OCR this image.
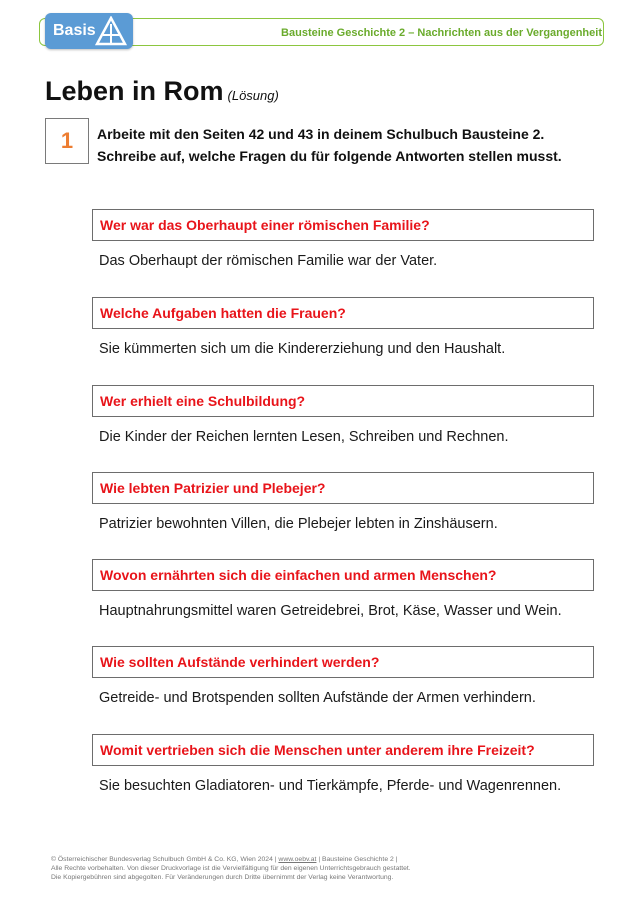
Basis	Bausteine Geschichte 2 – Nachrichten aus der Vergangenheit
Leben in Rom (Lösung)
1	Arbeite mit den Seiten 42 und 43 in deinem Schulbuch Bausteine 2.
Schreibe auf, welche Fragen du für folgende Antworten stellen musst.
Wer war das Oberhaupt einer römischen Familie?
Das Oberhaupt der römischen Familie war der Vater.
Welche Aufgaben hatten die Frauen?
Sie kümmerten sich um die Kindererziehung und den Haushalt.
Wer erhielt eine Schulbildung?
Die Kinder der Reichen lernten Lesen, Schreiben und Rechnen.
Wie lebten Patrizier und Plebejer?
Patrizier bewohnten Villen, die Plebejer lebten in Zinshäusern.
Wovon ernährten sich die einfachen und armen Menschen?
Hauptnahrungsmittel waren Getreidebrei, Brot, Käse, Wasser und Wein.
Wie sollten Aufstände verhindert werden?
Getreide- und Brotspenden sollten Aufstände der Armen verhindern.
Womit vertrieben sich die Menschen unter anderem ihre Freizeit?
Sie besuchten Gladiatoren- und Tierkämpfe, Pferde- und Wagenrennen.
© Österreichischer Bundesverlag Schulbuch GmbH & Co. KG, Wien 2024 | www.oebv.at | Bausteine Geschichte 2 |
Alle Rechte vorbehalten. Von dieser Druckvorlage ist die Vervielfältigung für den eigenen Unterrichtsgebrauch gestattet.
Die Kopiergebühren sind abgegolten. Für Veränderungen durch Dritte übernimmt der Verlag keine Verantwortung.
